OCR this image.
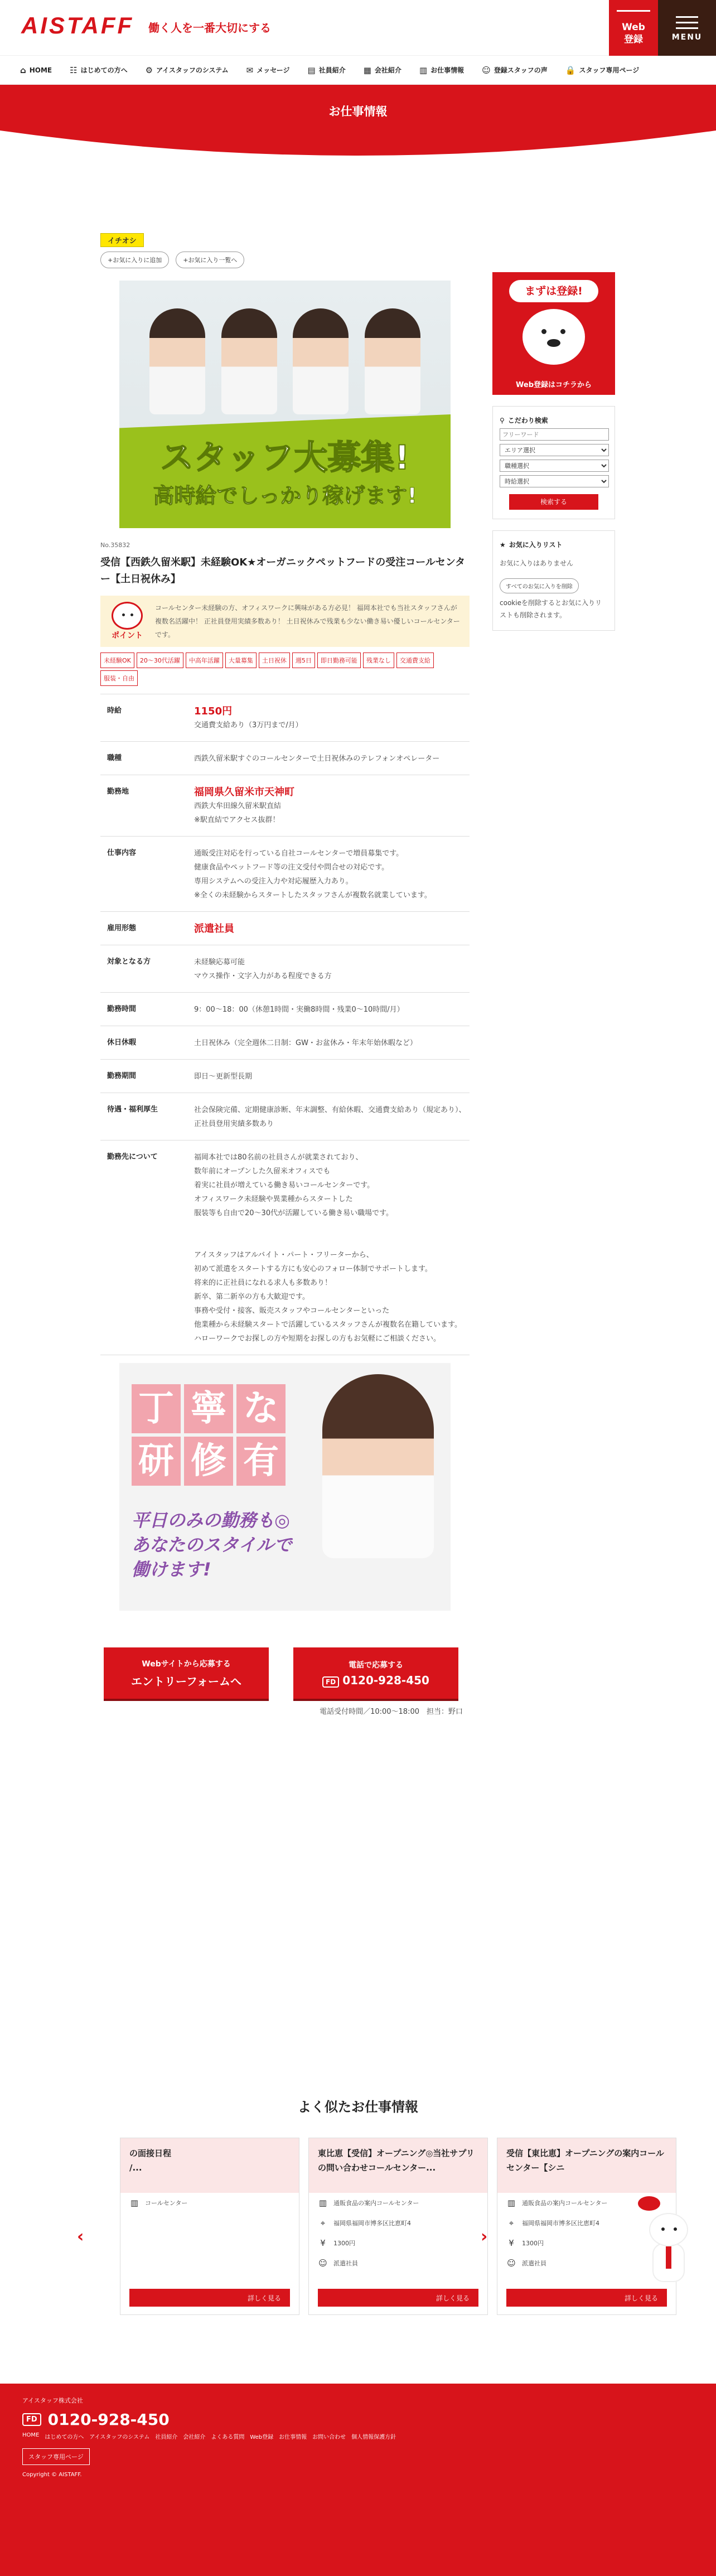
AISTAFF 働く人を一番大切にする	Web
登録	MENU
⌂ HOME ☷ はじめての方へ ⚙ アイスタッフのシステム ✉ メッセージ ▤ 社員紹介 ▦ 会社紹介 ▥ お仕事情報 ☺ 登録スタッフの声 🔒 スタッフ専用ページ
お仕事情報
イチオシ
+お気に入りに追加	+お気に入り一覧へ
スタッフ大募集!
高時給でしっかり稼げます!
No.35832
受信【西鉄久留米駅】未経験OK★オーガニックペットフードの受注コールセンター【土日祝休み】
ポイント
コールセンター未経験の方、オフィスワークに興味がある方必見！ 福岡本社でも当社スタッフさんが複数名活躍中！ 正社員登用実績多数あり！ 土日祝休みで残業も少ない働き易い優しいコールセンターです。
未経験OK	20〜30代活躍	中高年活躍	大量募集	土日祝休	週5日	即日勤務可能	残業なし	交通費支給
服装・自由
時給	1150円
交通費支給あり（3万円まで/月）
職種	西鉄久留米駅すぐのコールセンターで土日祝休みのテレフォンオペレーター
勤務地	福岡県久留米市天神町
西鉄大牟田線久留米駅直結
※駅直結でアクセス抜群！
仕事内容	通販受注対応を行っている自社コールセンターで増員募集です。
健康食品やペットフード等の注文受付や問合せの対応です。
専用システムへの受注入力や対応履歴入力あり。
※全くの未経験からスタートしたスタッフさんが複数名就業しています。
雇用形態	派遣社員
対象となる方	未経験応募可能
マウス操作・文字入力がある程度できる方
勤務時間	9：00〜18：00（休憩1時間・実働8時間・残業0〜10時間/月）
休日休暇	土日祝休み（完全週休二日制：GW・お盆休み・年末年始休暇など）
勤務期間	即日〜更新型長期
待遇・福利厚生	社会保険完備、定期健康診断、年末調整、有給休暇、交通費支給あり（規定あり）、正社員登用実績多数あり
勤務先について	福岡本社では80名前の社員さんが就業されており、
数年前にオープンした久留米オフィスでも
着実に社員が増えている働き易いコールセンターです。
オフィスワーク未経験や異業種からスタートした
服装等も自由で20〜30代が活躍している働き易い職場です。

アイスタッフはアルバイト・パート・フリーターから、
初めて派遣をスタートする方にも安心のフォロー体制でサポートします。
将来的に正社員になれる求人も多数あり！
新卒、第二新卒の方も大歓迎です。
事務や受付・接客、販売スタッフやコールセンターといった
他業種から未経験スタートで活躍しているスタッフさんが複数名在籍しています。
ハローワークでお探しの方や短期をお探しの方もお気軽にご相談ください。
丁 寧 な
研 修 有
平日のみの勤務も◎
あなたのスタイルで
働けます!
Webサイトから応募する
エントリーフォームへ
電話で応募する
FD 0120-928-450
電話受付時間／10:00〜18:00　担当：野口
まずは登録!
Web登録はコチラから
⚲ こだわり検索
フリーワード
エリア選択
職種選択
時給選択
検索する
★ お気に入りリスト

お気に入りはありません

すべてのお気に入りを削除

cookieを削除するとお気に入りリストも削除されます。

よく似たお仕事情報
の面接日程
/...
▥ コールセンター
詳しく見る
東比恵【受信】オープニング◎当社サプリの問い合わせコールセンター...
▥ 通販食品の案内コールセンター
⌖	福岡県福岡市博多区比恵町4
¥	1300円
☺ 派遣社員
詳しく見る
受信【東比恵】オープニングの案内コールセンター【シニ
▥ 通販食品の案内コールセンター
⌖	福岡県福岡市博多区比恵町4
¥	1300円
☺ 派遣社員
詳しく見る
‹	›
アイスタッフ株式会社
FD 0120-928-450
HOME はじめての方へ アイスタッフのシステム 社員紹介 会社紹介 よくある質問 Web登録 お仕事情報 お問い合わせ 個人情報保護方針
スタッフ専用ページ
Copyright © AISTAFF.
